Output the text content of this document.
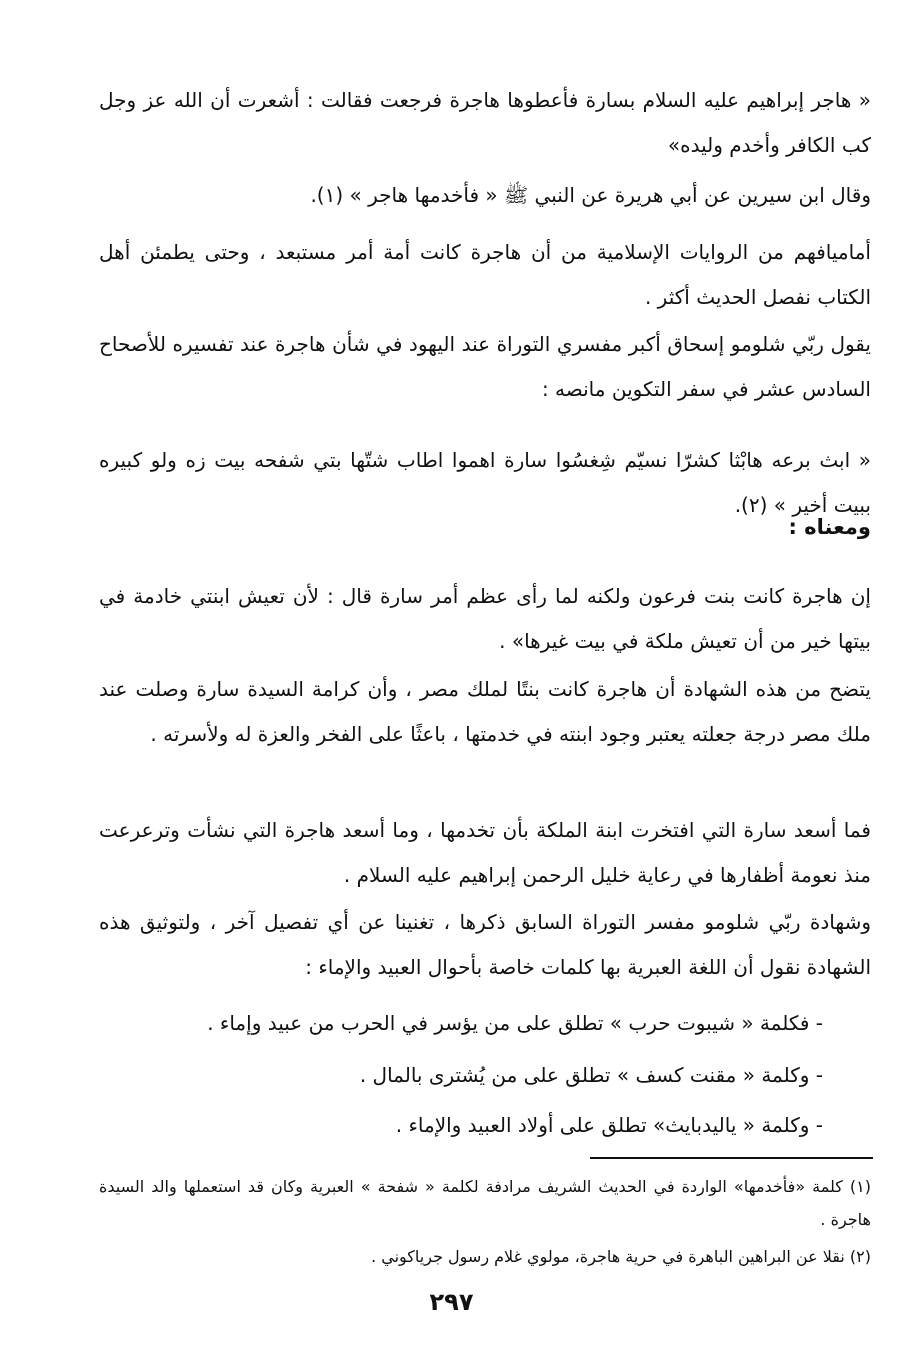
« هاجر إبراهيم عليه السلام بسارة فأعطوها هاجرة فرجعت فقالت : أشعرت أن الله عز وجل كب الكافر وأخدم وليده»

وقال ابن سيرين عن أبي هريرة عن النبي ﷺ « فأخدمها هاجر » (١).

أماميافهم من الروايات الإسلامية من أن هاجرة كانت أمة أمر مستبعد ، وحتى يطمئن أهل الكتاب نفصل الحديث أكثر .

يقول ربّي شلومو إسحاق أكبر مفسري التوراة عند اليهود في شأن هاجرة عند تفسيره للأصحاح السادس عشر في سفر التكوين مانصه :

« ابث برعه هابْثا كشرّا نسيّم شِغسُوا سارة اهموا اطاب شتّها بتي شفحه بيت زه ولو كبيره ببيت أخير » (٢).

ومعناه :

إن هاجرة كانت بنت فرعون ولكنه لما رأى عظم أمر سارة قال : لأن تعيش ابنتي خادمة في بيتها خير من أن تعيش ملكة في بيت غيرها» .

يتضح من هذه الشهادة أن هاجرة كانت بنتًا لملك مصر ، وأن كرامة السيدة سارة وصلت عند ملك مصر درجة جعلته يعتبر وجود ابنته في خدمتها ، باعثًا على الفخر والعزة له ولأسرته .

فما أسعد سارة التي افتخرت ابنة الملكة بأن تخدمها ، وما أسعد هاجرة التي نشأت وترعرعت منذ نعومة أظفارها في رعاية خليل الرحمن إبراهيم عليه السلام .

وشهادة ربّي شلومو مفسر التوراة السابق ذكرها ، تغنينا عن أي تفصيل آخر ، ولتوثيق هذه الشهادة نقول أن اللغة العبرية بها كلمات خاصة بأحوال العبيد والإماء :

- فكلمة « شيبوت حرب » تطلق على من يؤسر في الحرب من عبيد وإماء .

- وكلمة « مقنت كسف » تطلق على من يُشترى بالمال .

- وكلمة « ياليدبايث» تطلق على أولاد العبيد والإماء .

(١) كلمة «فأخدمها» الواردة في الحديث الشريف مرادفة لكلمة « شفحة » العبرية وكان قد استعملها والد السيدة هاجرة .

(٢) نقلا عن البراهين الباهرة في حرية هاجرة، مولوي غلام رسول جرياكوني .

٢٩٧
